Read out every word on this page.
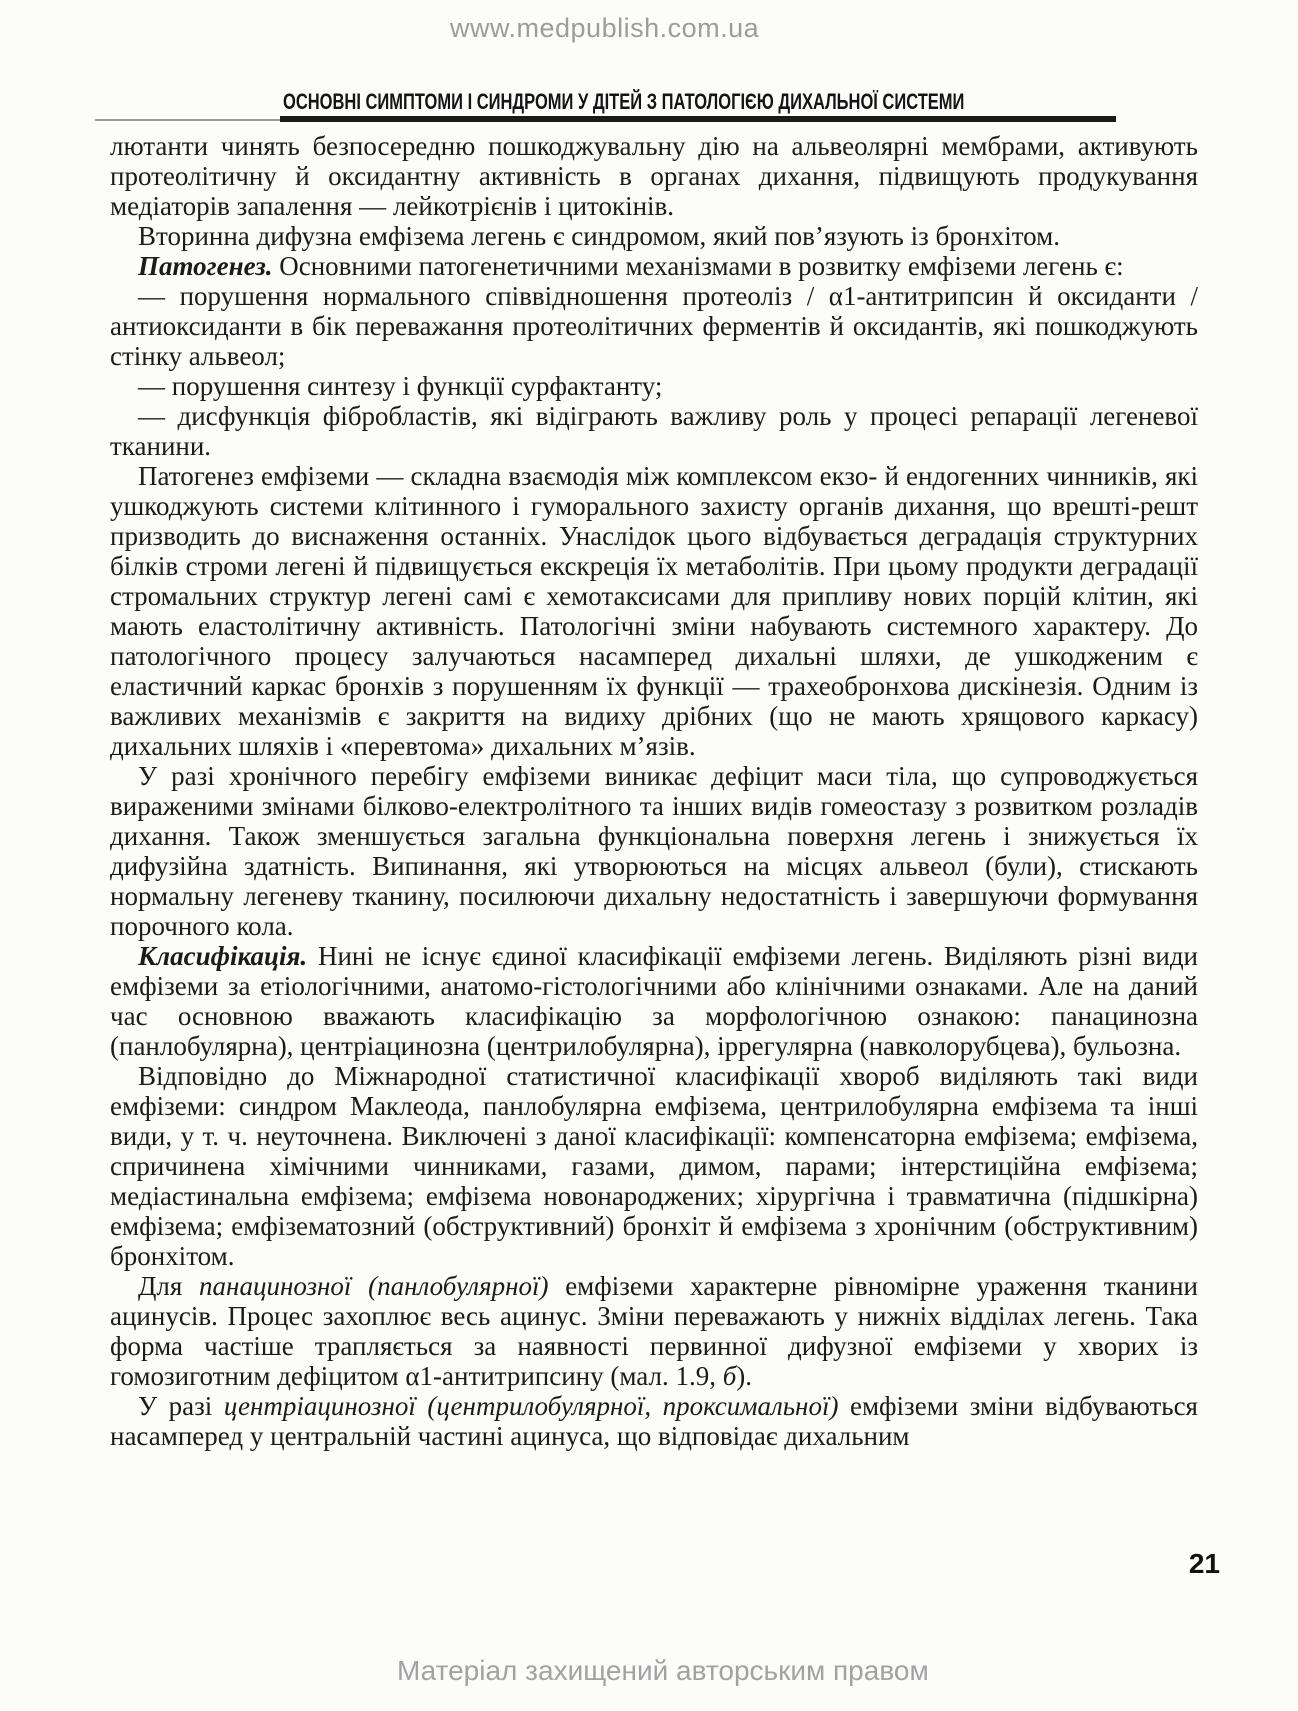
www.medpublish.com.ua
ОСНОВНІ СИМПТОМИ І СИНДРОМИ У ДІТЕЙ З ПАТОЛОГІЄЮ ДИХАЛЬНОЇ СИСТЕМИ

лютанти чинять безпосередню пошкоджувальну дію на альвеолярні мембрами, активують протеолітичну й оксидантну активність в органах дихання, підвищують продукування медіаторів запалення — лейкотрієнів і цитокінів.

Вторинна дифузна емфізема легень є синдромом, який пов’язують із бронхітом.

Патогенез. Основними патогенетичними механізмами в розвитку емфіземи легень є:

— порушення нормального співвідношення протеоліз / α1-антитрипсин й оксиданти / антиоксиданти в бік переважання протеолітичних ферментів й оксидантів, які пошкоджують стінку альвеол;

— порушення синтезу і функції сурфактанту;

— дисфункція фібробластів, які відіграють важливу роль у процесі репарації легеневої тканини.

Патогенез емфіземи — складна взаємодія між комплексом екзо- й ендогенних чинників, які ушкоджують системи клітинного і гуморального захисту органів дихання, що врешті-решт призводить до виснаження останніх. Унаслідок цього відбувається деградація структурних білків строми легені й підвищується екскреція їх метаболітів. При цьому продукти деградації стромальних структур легені самі є хемотаксисами для припливу нових порцій клітин, які мають еластолітичну активність. Патологічні зміни набувають системного характеру. До патологічного процесу залучаються насамперед дихальні шляхи, де ушкодженим є еластичний каркас бронхів з порушенням їх функції — трахеобронхова дискінезія. Одним із важливих механізмів є закриття на видиху дрібних (що не мають хрящового каркасу) дихальних шляхів і «перевтома» дихальних м’язів.

У разі хронічного перебігу емфіземи виникає дефіцит маси тіла, що супроводжується вираженими змінами білково-електролітного та інших видів гомеостазу з розвитком розладів дихання. Також зменшується загальна функціональна поверхня легень і знижується їх дифузійна здатність. Випинання, які утворюються на місцях альвеол (були), стискають нормальну легеневу тканину, посилюючи дихальну недостатність і завершуючи формування порочного кола.

Класифікація. Нині не існує єдиної класифікації емфіземи легень. Виділяють різні види емфіземи за етіологічними, анатомо-гістологічними або клінічними ознаками. Але на даний час основною вважають класифікацію за морфологічною ознакою: панацинозна (панлобулярна), центріацинозна (центрилобулярна), іррегулярна (навколорубцева), бульозна.

Відповідно до Міжнародної статистичної класифікації хвороб виділяють такі види емфіземи: синдром Маклеода, панлобулярна емфізема, центрилобулярна емфізема та інші види, у т. ч. неуточнена. Виключені з даної класифікації: компенсаторна емфізема; емфізема, спричинена хімічними чинниками, газами, димом, парами; інтерстиційна емфізема; медіастинальна емфізема; емфізема новонароджених; хірургічна і травматична (підшкірна) емфізема; емфізематозний (обструктивний) бронхіт й емфізема з хронічним (обструктивним) бронхітом.

Для панацинозної (панлобулярної) емфіземи характерне рівномірне ураження тканини ацинусів. Процес захоплює весь ацинус. Зміни переважають у нижніх відділах легень. Така форма частіше трапляється за наявності первинної дифузної емфіземи у хворих із гомозиготним дефіцитом α1-антитрипсину (мал. 1.9, б).

У разі центріацинозної (центрилобулярної, проксимальної) емфіземи зміни відбуваються насамперед у центральній частині ацинуса, що відповідає дихальним

21
Матеріал захищений авторським правом
